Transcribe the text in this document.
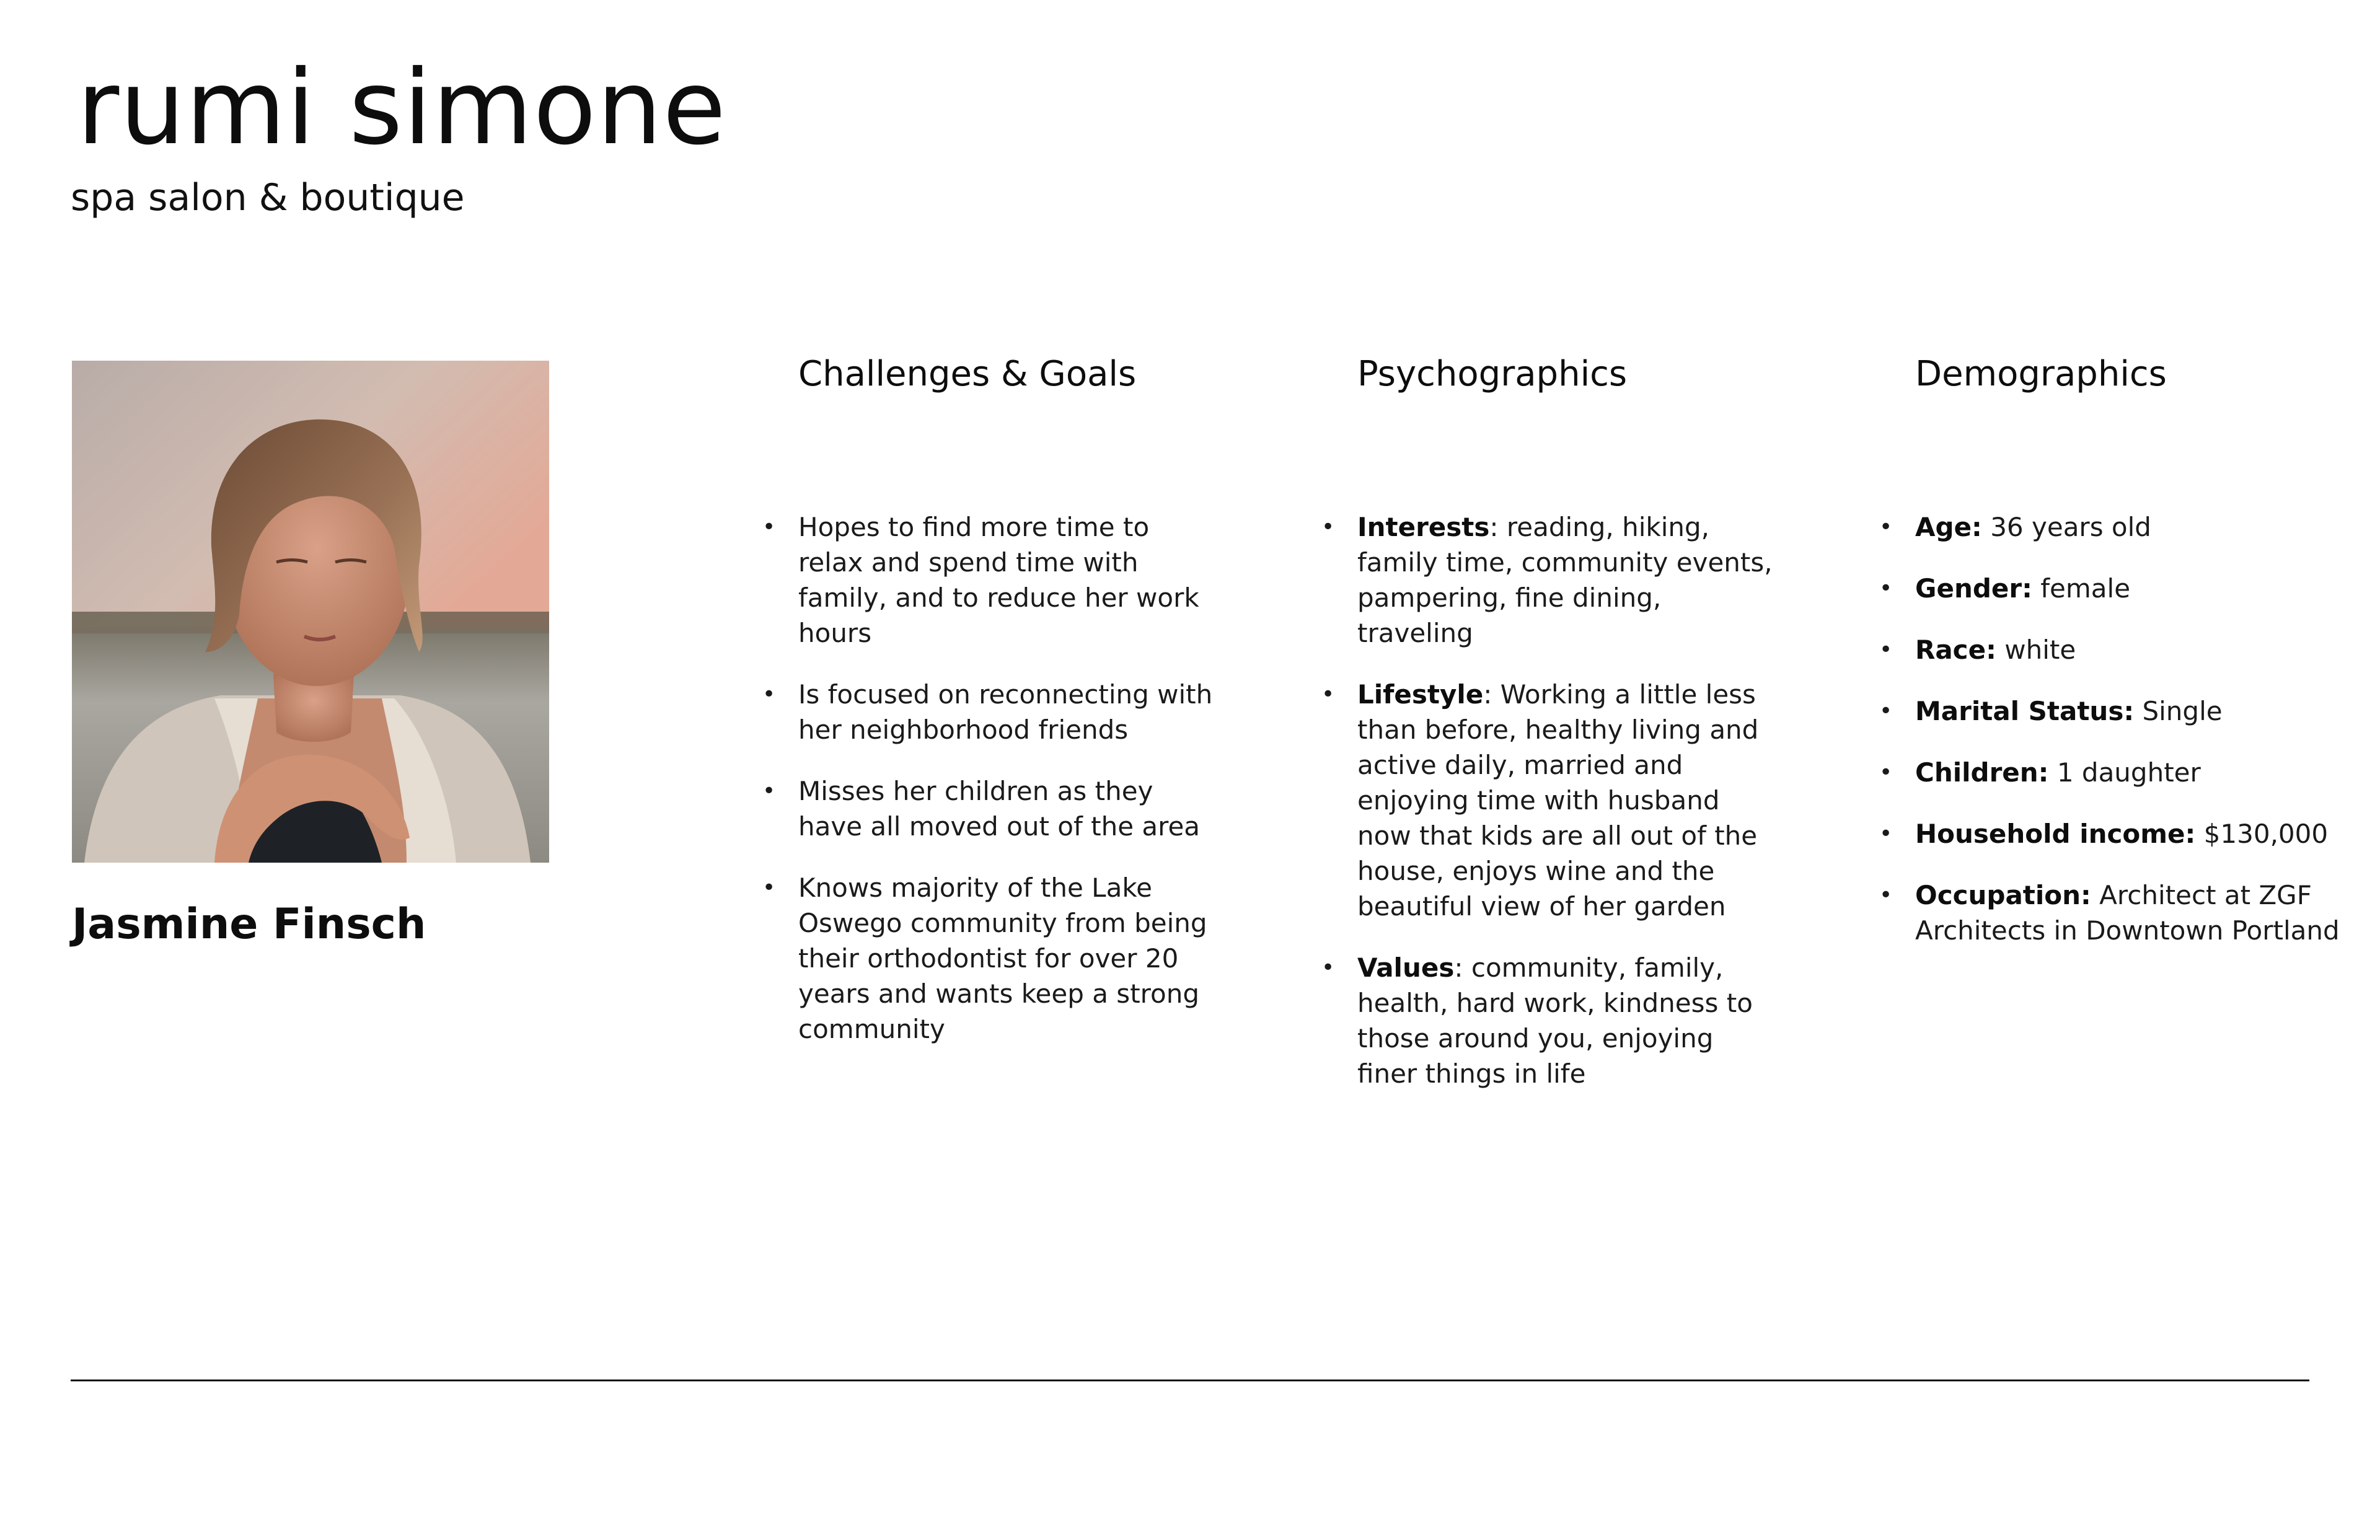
rumi simone

spa salon & boutique

Jasmine Finsch
Challenges & Goals
• Hopes to find more time to relax and spend time with family, and to reduce her work hours
• Is focused on reconnecting with her neighborhood friends
• Misses her children as they have all moved out of the area
• Knows majority of the Lake Oswego community from being their orthodontist for over 20 years and wants keep a strong community
Psychographics
• Interests: reading, hiking, family time, community events, pampering, fine dining, traveling
• Lifestyle: Working a little less than before, healthy living and active daily, married and enjoying time with husband now that kids are all out of the house, enjoys wine and the beautiful view of her garden
• Values: community, family, health, hard work, kindness to those around you, enjoying finer things in life
Demographics
• Age: 36 years old
• Gender: female
• Race: white
• Marital Status: Single
• Children: 1 daughter
• Household income: $130,000
• Occupation: Architect at ZGF Architects in Downtown Portland
